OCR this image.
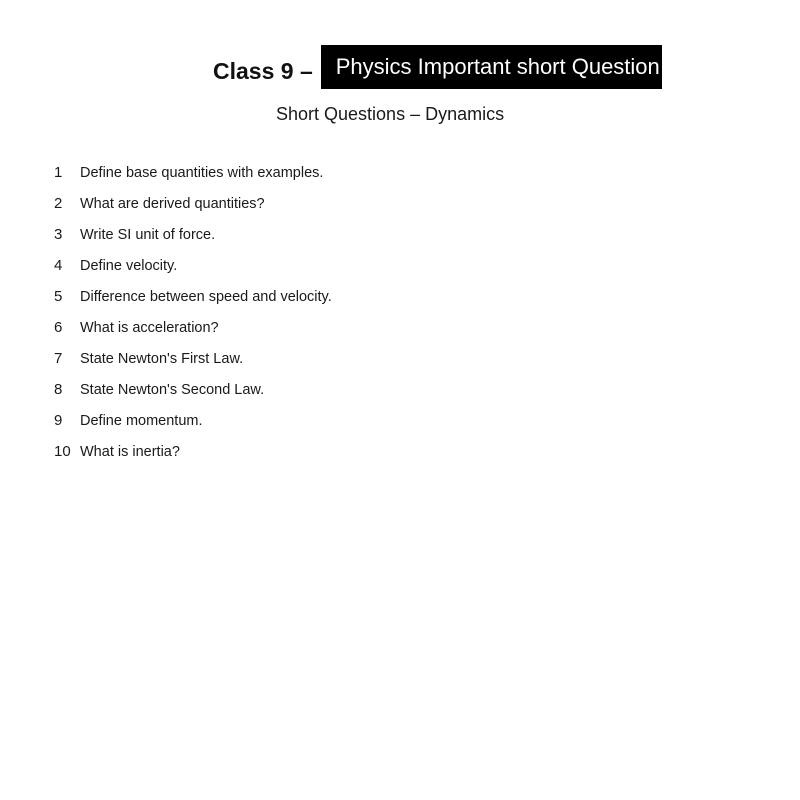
Class 9 –	Physics Important short Question
Short Questions – Dynamics
1	Define base quantities with examples.
2	What are derived quantities?
3	Write SI unit of force.
4	Define velocity.
5	Difference between speed and velocity.
6	What is acceleration?
7	State Newton's First Law.
8	State Newton's Second Law.
9	Define momentum.
10 What is inertia?
